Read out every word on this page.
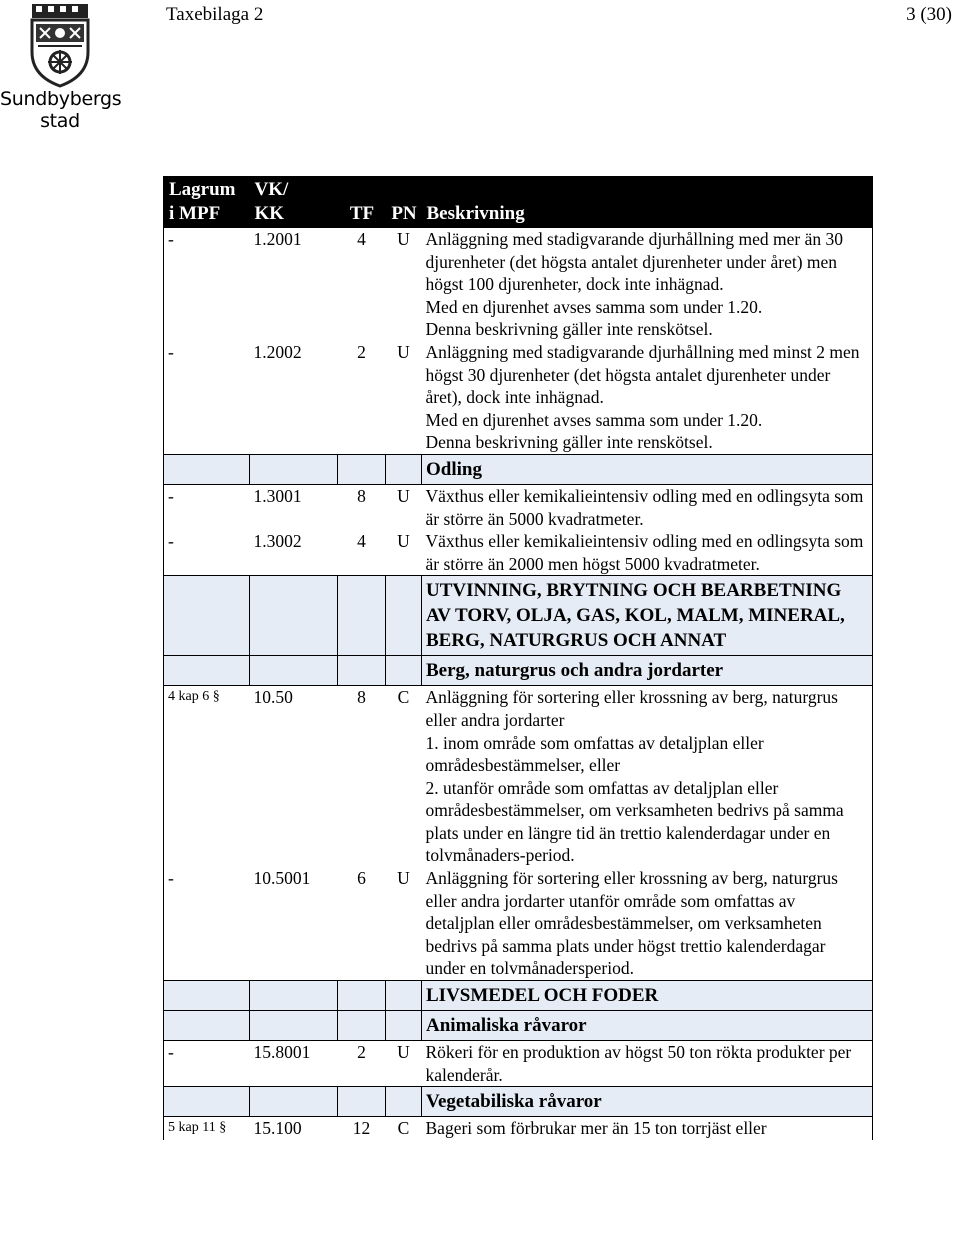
Sundbybergs
stad
Taxebilaga 2	3 (30)
Lagrum
i MPF	VK/
KK	TF	PN	Beskrivning
-	1.2001	4	U	Anläggning med stadigvarande djurhållning med mer än 30 djurenheter (det högsta antalet djurenheter under året) men högst 100 djurenheter, dock inte inhägnad.
Med en djurenhet avses samma som under 1.20.
Denna beskrivning gäller inte renskötsel.
-	1.2002	2	U	Anläggning med stadigvarande djurhållning med minst 2 men högst 30 djurenheter (det högsta antalet djurenheter under året), dock inte inhägnad.
Med en djurenhet avses samma som under 1.20.
Denna beskrivning gäller inte renskötsel.
				Odling
-	1.3001	8	U	Växthus eller kemikalieintensiv odling med en odlingsyta som är större än 5000 kvadratmeter.
-	1.3002	4	U	Växthus eller kemikalieintensiv odling med en odlingsyta som är större än 2000 men högst 5000 kvadratmeter.
				UTVINNING, BRYTNING OCH BEARBETNING AV TORV, OLJA, GAS, KOL, MALM, MINERAL, BERG, NATURGRUS OCH ANNAT
				Berg, naturgrus och andra jordarter
4 kap 6 §	10.50	8	C	Anläggning för sortering eller krossning av berg, naturgrus eller andra jordarter
1. inom område som omfattas av detaljplan eller områdesbestämmelser, eller
2. utanför område som omfattas av detaljplan eller områdesbestämmelser, om verksamheten bedrivs på samma plats under en längre tid än trettio kalenderdagar under en tolvmånaders-period.
-	10.5001	6	U	Anläggning för sortering eller krossning av berg, naturgrus eller andra jordarter utanför område som omfattas av detaljplan eller områdesbestämmelser, om verksamheten bedrivs på samma plats under högst trettio kalenderdagar under en tolvmånadersperiod.
				LIVSMEDEL OCH FODER
				Animaliska råvaror
-	15.8001	2	U	Rökeri för en produktion av högst 50 ton rökta produkter per kalenderår.
				Vegetabiliska råvaror
5 kap 11 §	15.100	12	C	Bageri som förbrukar mer än 15 ton torrjäst eller
